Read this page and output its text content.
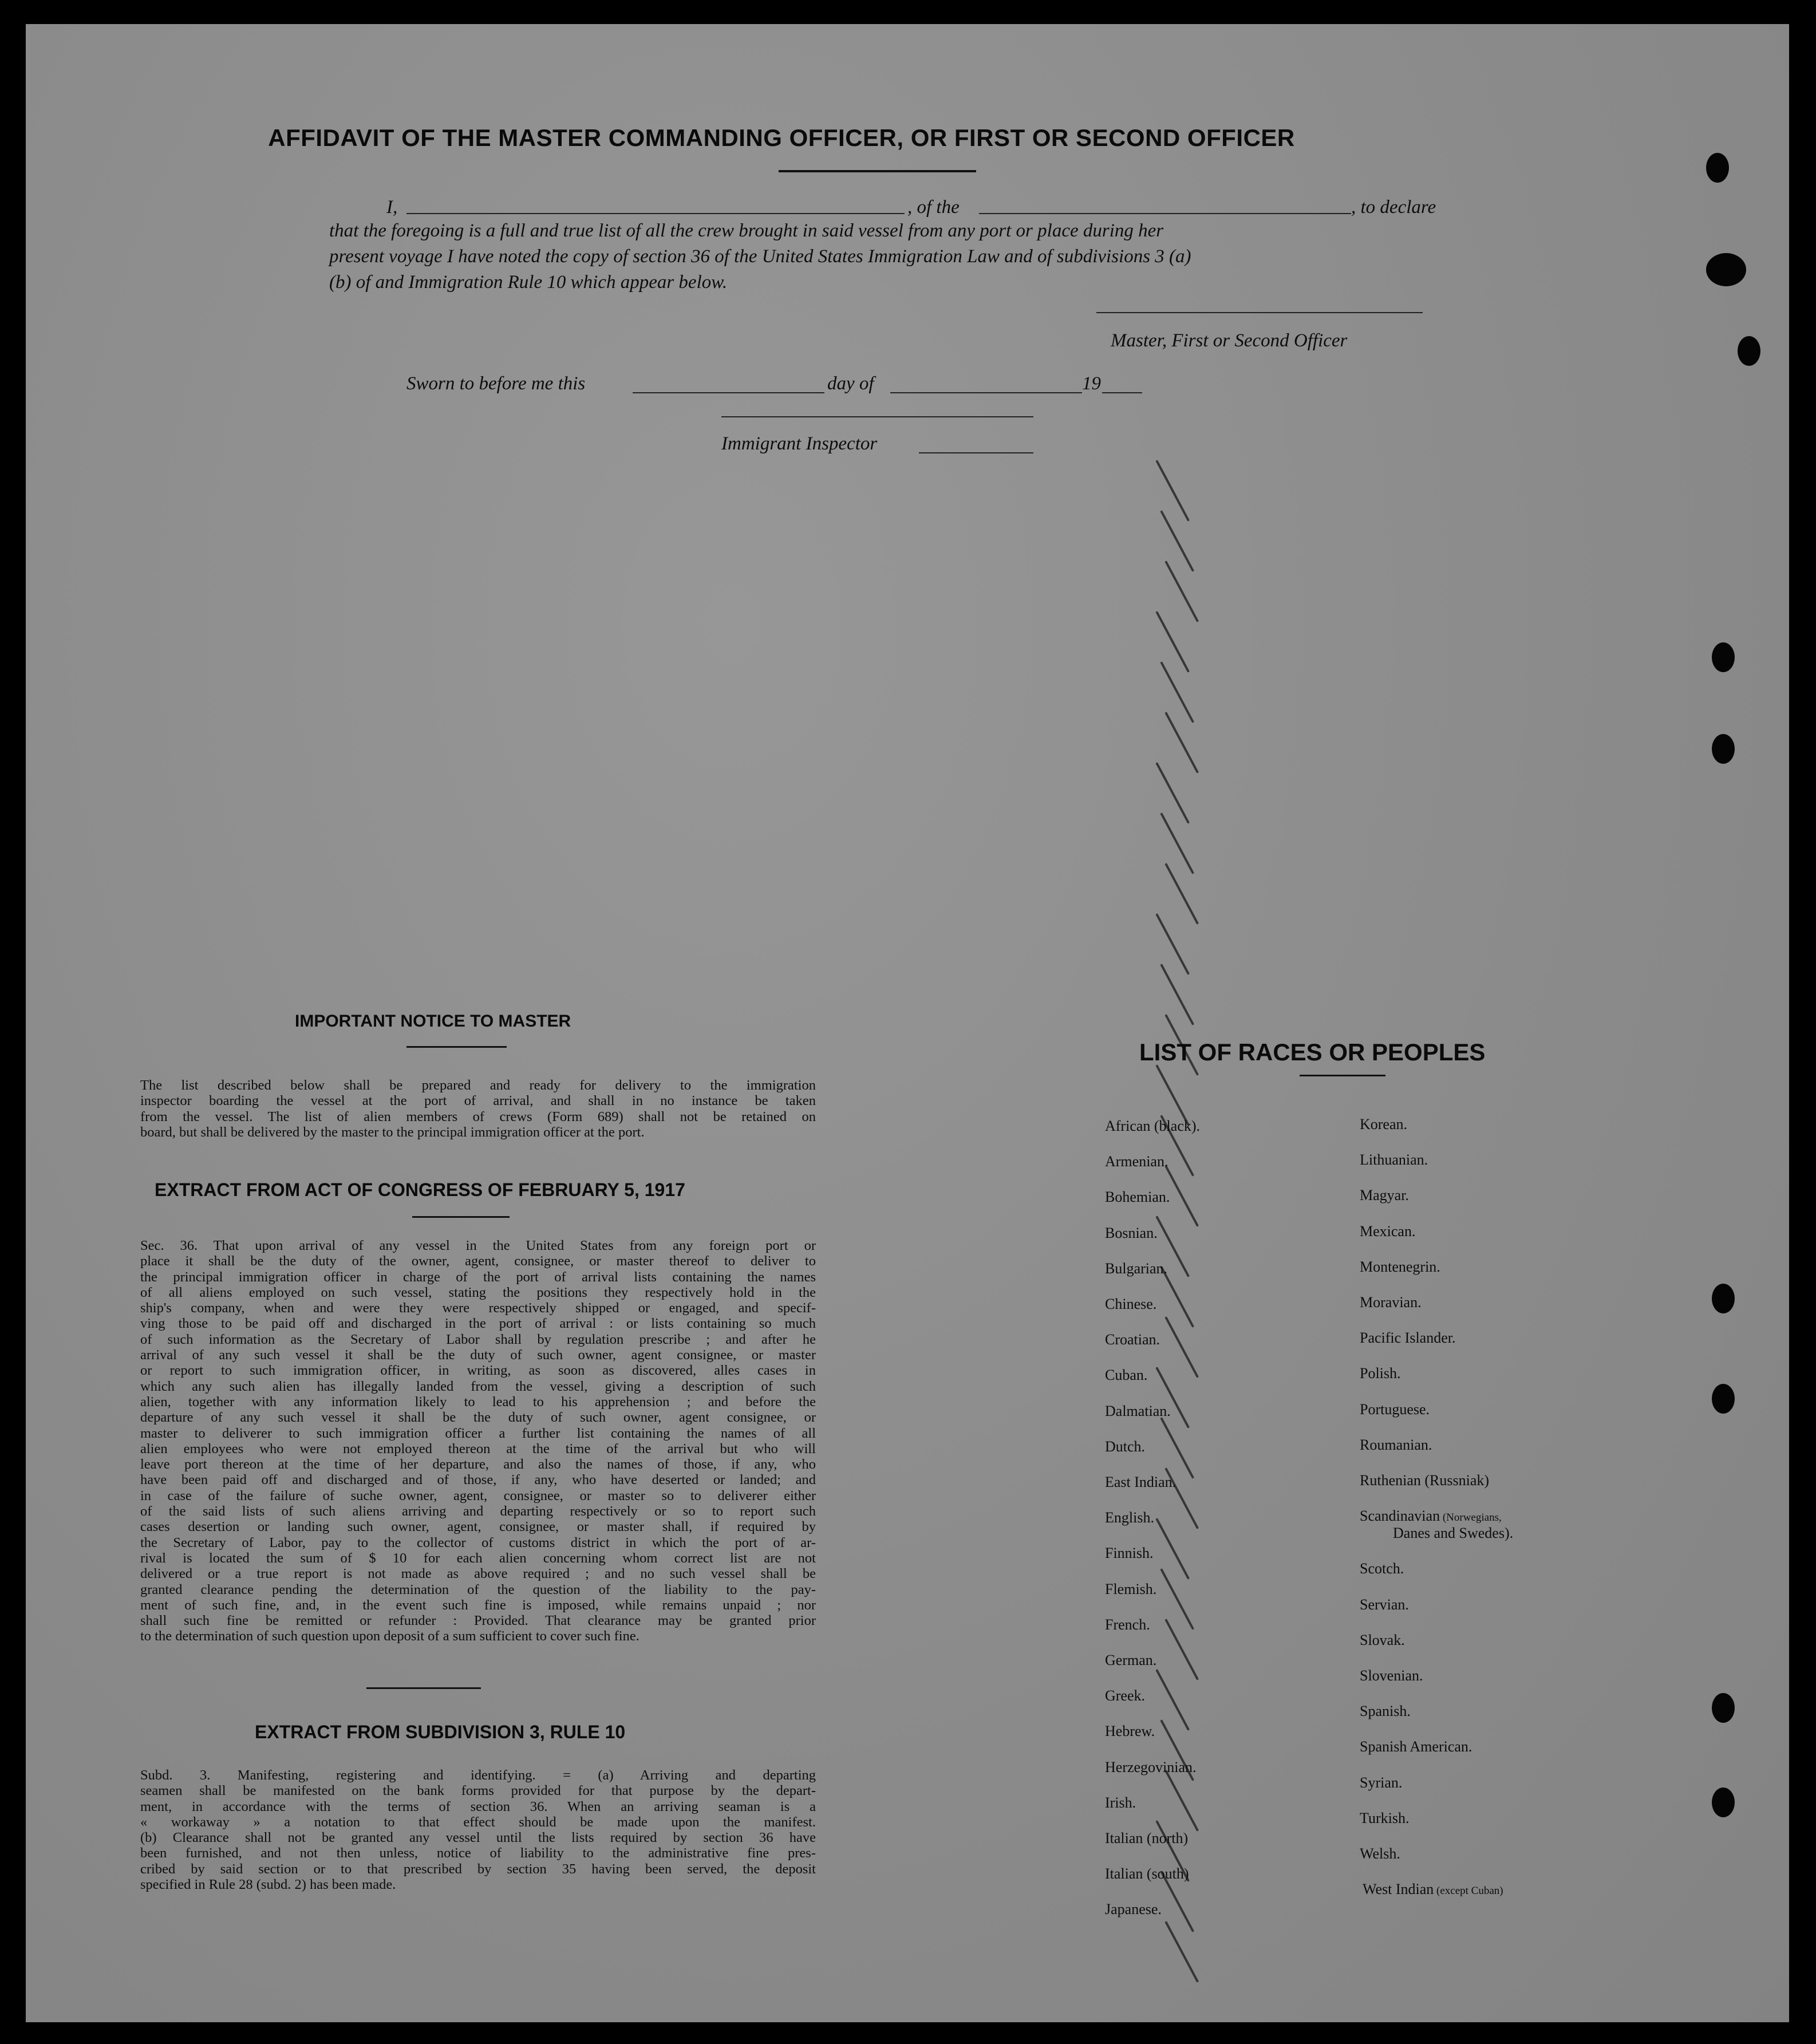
AFFIDAVIT OF THE MASTER COMMANDING OFFICER, OR FIRST OR SECOND OFFICER
I,	, of the	, to declare
that the foregoing is a full and true list of all the crew brought in said vessel from any port or place during her
present voyage I have noted the copy of section 36 of the United States Immigration Law and of subdivisions 3 (a)
(b) of and Immigration Rule 10 which appear below.
Master, First or Second Officer
Sworn to before me this	day of	19
Immigrant Inspector
IMPORTANT NOTICE TO MASTER

The list described below shall be prepared and ready for delivery to the immigration

inspector boarding the vessel at the port of arrival, and shall in no instance be taken

from the vessel. The list of alien members of crews (Form 689) shall not be retained on

board, but shall be delivered by the master to the principal immigration officer at the port.

EXTRACT FROM ACT OF CONGRESS OF FEBRUARY 5, 1917

Sec. 36. That upon arrival of any vessel in the United States from any foreign port or

place it shall be the duty of the owner, agent, consignee, or master thereof to deliver to

the principal immigration officer in charge of the port of arrival lists containing the names

of all aliens employed on such vessel, stating the positions they respectively hold in the

ship's company, when and were they were respectively shipped or engaged, and specif-

ving those to be paid off and discharged in the port of arrival : or lists containing so much

of such information as the Secretary of Labor shall by regulation prescribe ; and after he

arrival of any such vessel it shall be the duty of such owner, agent consignee, or master

or report to such immigration officer, in writing, as soon as discovered, alles cases in

which any such alien has illegally landed from the vessel, giving a description of such

alien, together with any information likely to lead to his apprehension ; and before the

departure of any such vessel it shall be the duty of such owner, agent consignee, or

master to deliverer to such immigration officer a further list containing the names of all

alien employees who were not employed thereon at the time of the arrival but who will

leave port thereon at the time of her departure, and also the names of those, if any, who

have been paid off and discharged and of those, if any, who have deserted or landed; and

in case of the failure of suche owner, agent, consignee, or master so to deliverer either

of the said lists of such aliens arriving and departing respectively or so to report such

cases desertion or landing such owner, agent, consignee, or master shall, if required by

the Secretary of Labor, pay to the collector of customs district in which the port of ar-

rival is located the sum of $ 10 for each alien concerning whom correct list are not

delivered or a true report is not made as above required ; and no such vessel shall be

granted clearance pending the determination of the question of the liability to the pay-

ment of such fine, and, in the event such fine is imposed, while remains unpaid ; nor

shall such fine be remitted or refunder : Provided. That clearance may be granted prior

to the determination of such question upon deposit of a sum sufficient to cover such fine.

EXTRACT FROM SUBDIVISION 3, RULE 10

Subd. 3. Manifesting, registering and identifying. = (a) Arriving and departing

seamen shall be manifested on the bank forms provided for that purpose by the depart-

ment, in accordance with the terms of section 36. When an arriving seaman is a

« workaway » a notation to that effect should be made upon the manifest.

(b) Clearance shall not be granted any vessel until the lists required by section 36 have

been furnished, and not then unless, notice of liability to the administrative fine pres-

cribed by said section or to that prescribed by section 35 having been served, the deposit

specified in Rule 28 (subd. 2) has been made.

LIST OF RACES OR PEOPLES
African (black).
Armenian.
Bohemian.
Bosnian.
Bulgarian.
Chinese.
Croatian.
Cuban.
Dalmatian.
Dutch.
East Indian.
English.
Finnish.
Flemish.
French.
German.
Greek.
Hebrew.
Herzegovinian.
Irish.
Italian (north)
Italian (south)
Japanese.
Korean.
Lithuanian.
Magyar.
Mexican.
Montenegrin.
Moravian.
Pacific Islander.
Polish.
Portuguese.
Roumanian.
Ruthenian (Russniak)
Scandinavian (Norwegians,
Danes and Swedes).
Scotch.
Servian.
Slovak.
Slovenian.
Spanish.
Spanish American.
Syrian.
Turkish.
Welsh.
West Indian (except Cuban)
